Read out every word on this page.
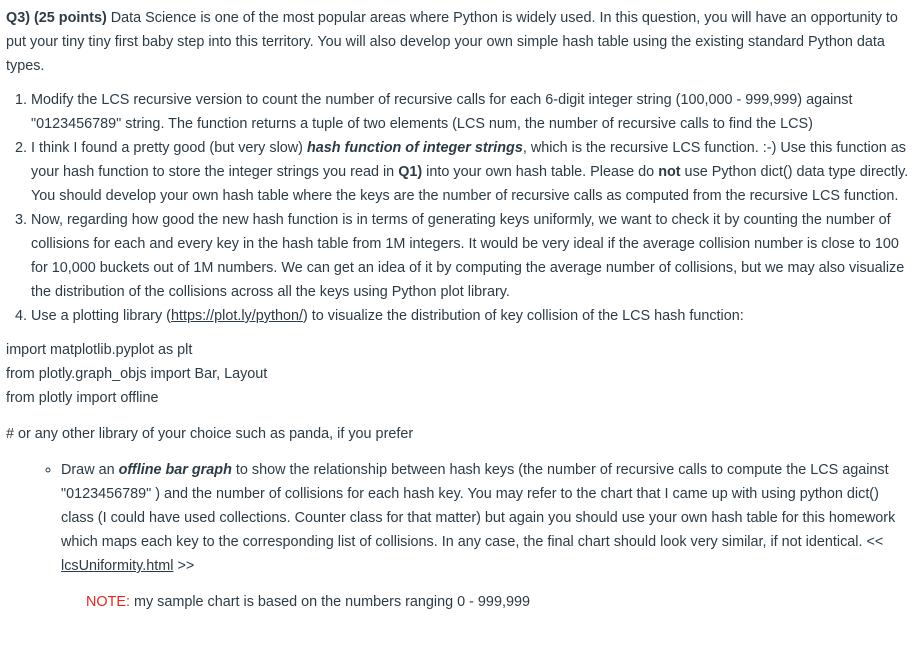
Q3) (25 points) Data Science is one of the most popular areas where Python is widely used. In this question, you will have an opportunity to put your tiny tiny first baby step into this territory. You will also develop your own simple hash table using the existing standard Python data types.

1. Modify the LCS recursive version to count the number of recursive calls for each 6-digit integer string (100,000 - 999,999) against "0123456789" string. The function returns a tuple of two elements (LCS num, the number of recursive calls to find the LCS)
2. I think I found a pretty good (but very slow) hash function of integer strings, which is the recursive LCS function. :-) Use this function as your hash function to store the integer strings you read in Q1) into your own hash table. Please do not use Python dict() data type directly. You should develop your own hash table where the keys are the number of recursive calls as computed from the recursive LCS function.
3. Now, regarding how good the new hash function is in terms of generating keys uniformly, we want to check it by counting the number of collisions for each and every key in the hash table from 1M integers. It would be very ideal if the average collision number is close to 100 for 10,000 buckets out of 1M numbers. We can get an idea of it by computing the average number of collisions, but we may also visualize the distribution of the collisions across all the keys using Python plot library.
4. Use a plotting library (https://plot.ly/python/) to visualize the distribution of key collision of the LCS hash function:

import matplotlib.pyplot as plt

from plotly.graph_objs import Bar, Layout

from plotly import offline

# or any other library of your choice such as panda, if you prefer

◦ Draw an offline bar graph to show the relationship between hash keys (the number of recursive calls to compute the LCS against "0123456789" ) and the number of collisions for each hash key. You may refer to the chart that I came up with using python dict() class (I could have used collections. Counter class for that matter) but again you should use your own hash table for this homework which maps each key to the corresponding list of collisions. In any case, the final chart should look very similar, if not identical. << lcsUniformity.html >>

NOTE: my sample chart is based on the numbers ranging 0 - 999,999
